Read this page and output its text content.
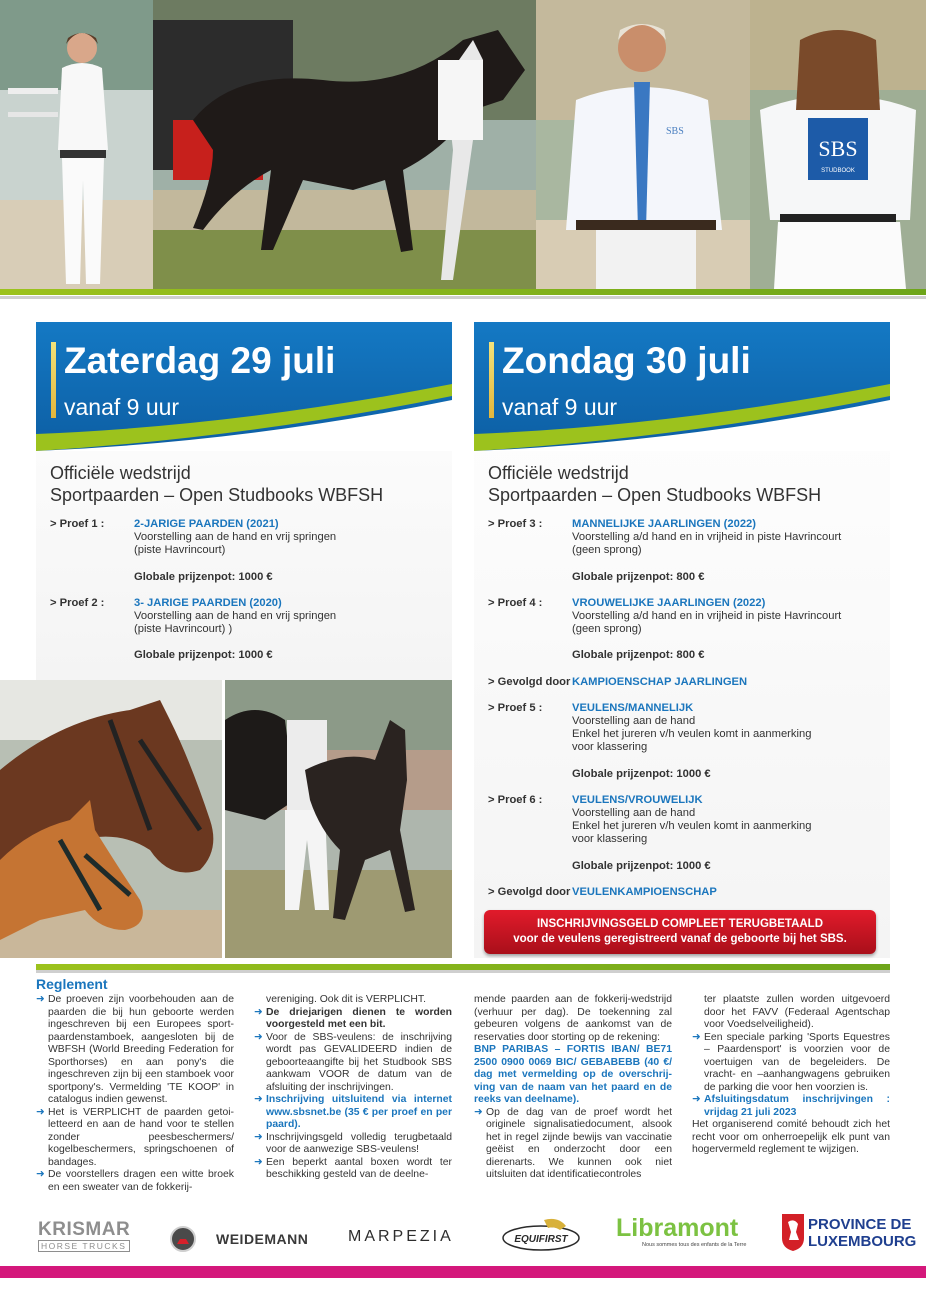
SBS
SBS
STUDBOOK
Zaterdag 29 juli
vanaf 9 uur
Officiële wedstrijd
Sportpaarden – Open Studbooks WBFSH
> Proef 1 :	2-JARIGE PAARDEN (2021)
Voorstelling aan de hand en vrij springen
(piste Havrincourt)
Globale prijzenpot: 1000 €
> Proef 2 :	3- JARIGE PAARDEN (2020)
Voorstelling aan de hand en vrij springen
(piste Havrincourt) )
Globale prijzenpot: 1000 €
Zondag 30 juli
vanaf 9 uur
Officiële wedstrijd
Sportpaarden – Open Studbooks WBFSH
> Proef 3 :	MANNELIJKE JAARLINGEN (2022)
Voorstelling a/d hand en in vrijheid in piste Havrincourt
(geen sprong)
Globale prijzenpot: 800 €
> Proef 4 :	VROUWELIJKE JAARLINGEN (2022)
Voorstelling a/d hand en in vrijheid in piste Havrincourt
(geen sprong)
Globale prijzenpot: 800 €
> Gevolgd door KAMPIOENSCHAP JAARLINGEN
> Proef 5 :	VEULENS/MANNELIJK
Voorstelling aan de hand
Enkel het jureren v/h veulen komt in aanmerking
voor klassering
Globale prijzenpot: 1000 €
> Proef 6 :	VEULENS/VROUWELIJK
Voorstelling aan de hand
Enkel het jureren v/h veulen komt in aanmerking
voor klassering
Globale prijzenpot: 1000 €
> Gevolgd door VEULENKAMPIOENSCHAP
INSCHRIJVINGSGELD COMPLEET TERUGBETAALD
voor de veulens geregistreerd vanaf de geboorte bij het SBS.
Reglement

➜ De proeven zijn voorbehouden aan de paarden die bij hun geboorte werden ingeschreven bij een Europees sport-paardenstamboek, aangesloten bij de WBFSH (World Breeding Federation for Sporthorses) en aan pony's die ingeschreven zijn bij een stamboek voor sportpony's. Vermelding 'TE KOOP' in catalogus indien gewenst.

➜ Het is VERPLICHT de paarden getoi-letteerd en aan de hand voor te stellen zonder peesbeschermers/ kogelbeschermers, springschoenen of bandages.

➜ De voorstellers dragen een witte broek en een sweater van de fokkerij-

vereniging. Ook dit is VERPLICHT.

➜ De driejarigen dienen te worden voorgesteld met een bit.

➜ Voor de SBS-veulens: de inschrijving wordt pas GEVALIDEERD indien de geboorteaangifte bij het Studbook SBS aankwam VOOR de datum van de afsluiting der inschrijvingen.

➜ Inschrijving uitsluitend via internet www.sbsnet.be (35 € per proef en per paard).

➜ Inschrijvingsgeld volledig terugbetaald voor de aanwezige SBS-veulens!

➜ Een beperkt aantal boxen wordt ter beschikking gesteld van de deelne-

mende paarden aan de fokkerij-wedstrijd (verhuur per dag). De toekenning zal gebeuren volgens de aankomst van de reservaties door storting op de rekening:

BNP PARIBAS – FORTIS IBAN/ BE71 2500 0900 0069 BIC/ GEBABEBB (40 €/ dag met vermelding op de overschrij-ving van de naam van het paard en de reeks van deelname).

➜ Op de dag van de proef wordt het originele signalisatiedocument, alsook het in regel zijnde bewijs van vaccinatie geëist en onderzocht door een dierenarts. We kunnen ook niet uitsluiten dat identificatiecontroles

ter plaatste zullen worden uitgevoerd door het FAVV (Federaal Agentschap voor Voedselveiligheid).

➜ Een speciale parking 'Sports Equestres – Paardensport' is voorzien voor de voertuigen van de begeleiders. De vracht- en –aanhangwagens gebruiken de parking die voor hen voorzien is.

➜ Afsluitingsdatum inschrijvingen : vrijdag 21 juli 2023

Het organiserend comité behoudt zich het recht voor om onherroepelijk elk punt van hogervermeld reglement te wijzigen.

KRISMAR
HORSE TRUCKS	WEIDEMANN MARPEZIA	EQUIFIRST Libramont
Nous sommes tous des enfants de la Terre
PROVINCE DE
LUXEMBOURG
